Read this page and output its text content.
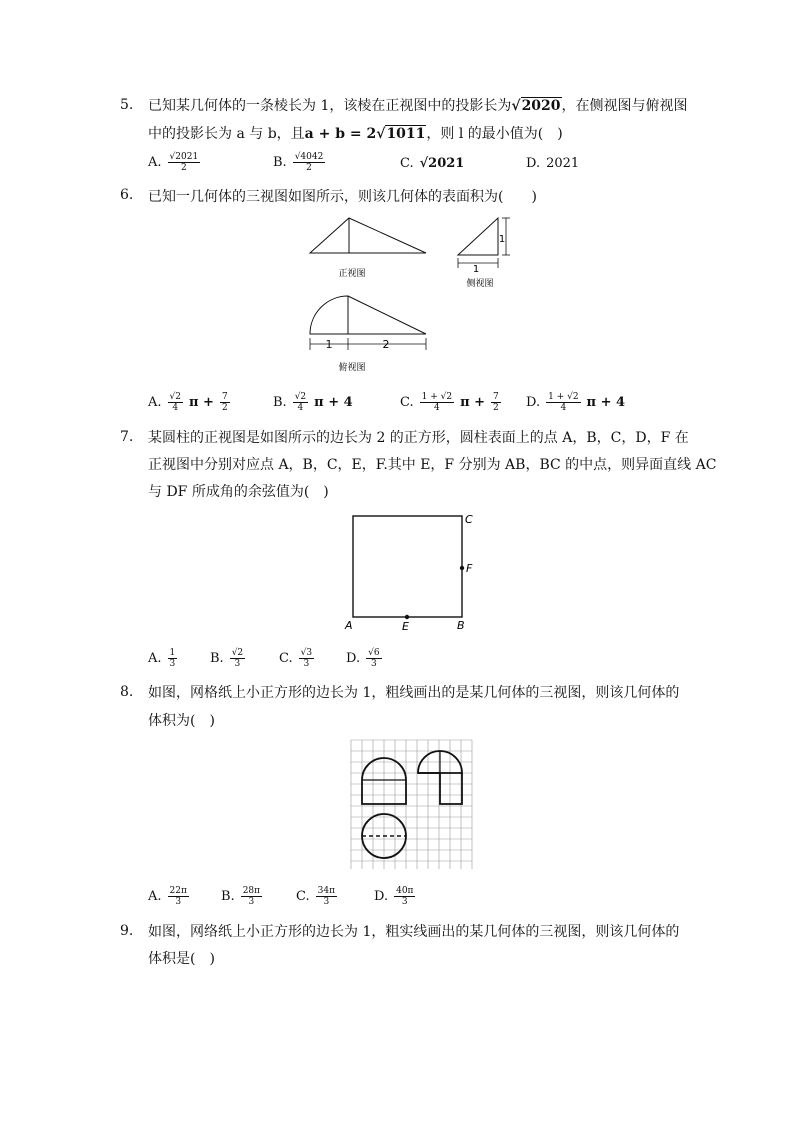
5. 已知某几何体的一条棱长为 1，该棱在正视图中的投影长为√2020，在侧视图与俯视图
中的投影长为 a 与 b，且a + b = 2√1011，则 l 的最小值为(　)
A. $\frac{√2021}{2}$	B. $\frac{√4042}{2}$	C. √2021	D. 2021
6. 已知一几何体的三视图如图所示，则该几何体的表面积为(　　)
正视图	1
1
侧视图
1	2
俯视图
A. $\frac{√2}{4}$ $\pi + \frac{7}{2}$	B. $\frac{√2}{4}$ π + 4	C. $\frac{1 + √2}{4}$ $\pi + \frac{7}{2} D$. $\frac{1 + √2}{4}$ π + 4
7. 某圆柱的正视图是如图所示的边长为 2 的正方形，圆柱表面上的点 A，B，C，D，F 在
正视图中分别对应点 A，B，C，E，F.其中 E，F 分别为 AB，BC 的中点，则异面直线 AC
与 DF 所成角的余弦值为(　)
A	E	B
C
F
A. $\frac{1}{3}$	B. $\frac{√2}{3}$	C. $\frac{√3}{3} D$. $\frac{√6}{3}$
8. 如图，网格纸上小正方形的边长为 1，粗线画出的是某几何体的三视图，则该几何体的
体积为(　)
A. $\frac{22\pi}{3} B$. $\frac{28\pi}{3}$	C. $\frac{34\pi}{3}$	D. $\frac{40\pi}{3}$
9. 如图，网络纸上小正方形的边长为 1，粗实线画出的某几何体的三视图，则该几何体的
体积是(　)
